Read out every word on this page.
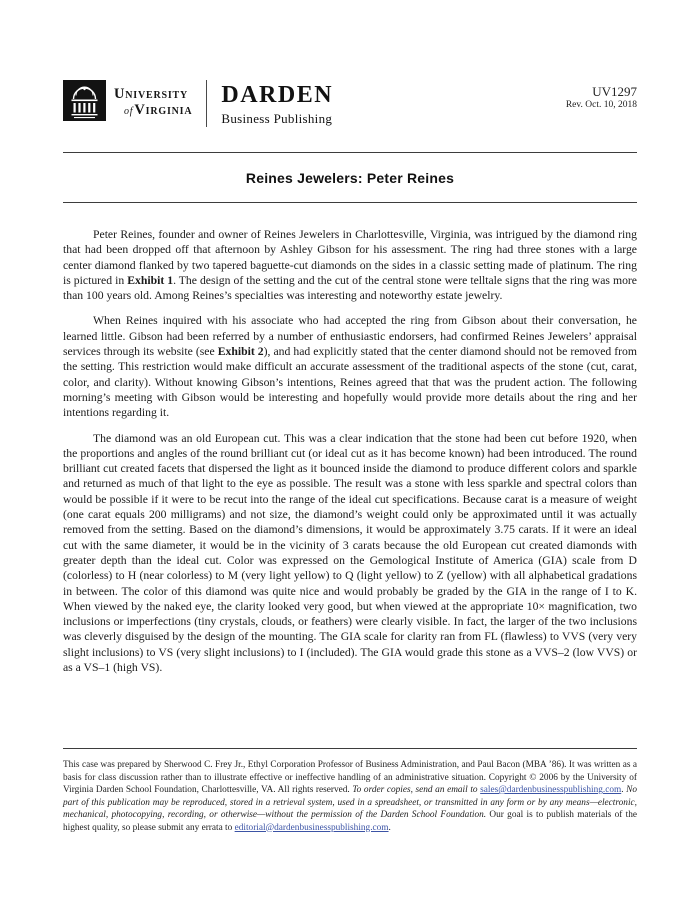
University
ofVirginia
DARDEN
Business Publishing
UV1297
Rev. Oct. 10, 2018
Reines Jewelers: Peter Reines

Peter Reines, founder and owner of Reines Jewelers in Charlottesville, Virginia, was intrigued by the diamond ring that had been dropped off that afternoon by Ashley Gibson for his assessment. The ring had three stones with a large center diamond flanked by two tapered baguette-cut diamonds on the sides in a classic setting made of platinum. The ring is pictured in Exhibit 1. The design of the setting and the cut of the central stone were telltale signs that the ring was more than 100 years old. Among Reines’s specialties was interesting and noteworthy estate jewelry.

When Reines inquired with his associate who had accepted the ring from Gibson about their conversation, he learned little. Gibson had been referred by a number of enthusiastic endorsers, had confirmed Reines Jewelers’ appraisal services through its website (see Exhibit 2), and had explicitly stated that the center diamond should not be removed from the setting. This restriction would make difficult an accurate assessment of the traditional aspects of the stone (cut, carat, color, and clarity). Without knowing Gibson’s intentions, Reines agreed that that was the prudent action. The following morning’s meeting with Gibson would be interesting and hopefully would provide more details about the ring and her intentions regarding it.

The diamond was an old European cut. This was a clear indication that the stone had been cut before 1920, when the proportions and angles of the round brilliant cut (or ideal cut as it has become known) had been introduced. The round brilliant cut created facets that dispersed the light as it bounced inside the diamond to produce different colors and sparkle and returned as much of that light to the eye as possible. The result was a stone with less sparkle and spectral colors than would be possible if it were to be recut into the range of the ideal cut specifications. Because carat is a measure of weight (one carat equals 200 milligrams) and not size, the diamond’s weight could only be approximated until it was actually removed from the setting. Based on the diamond’s dimensions, it would be approximately 3.75 carats. If it were an ideal cut with the same diameter, it would be in the vicinity of 3 carats because the old European cut created diamonds with greater depth than the ideal cut. Color was expressed on the Gemological Institute of America (GIA) scale from D (colorless) to H (near colorless) to M (very light yellow) to Q (light yellow) to Z (yellow) with all alphabetical gradations in between. The color of this diamond was quite nice and would probably be graded by the GIA in the range of I to K. When viewed by the naked eye, the clarity looked very good, but when viewed at the appropriate 10× magnification, two inclusions or imperfections (tiny crystals, clouds, or feathers) were clearly visible. In fact, the larger of the two inclusions was cleverly disguised by the design of the mounting. The GIA scale for clarity ran from FL (flawless) to VVS (very very slight inclusions) to VS (very slight inclusions) to I (included). The GIA would grade this stone as a VVS–2 (low VVS) or as a VS–1 (high VS).

This case was prepared by Sherwood C. Frey Jr., Ethyl Corporation Professor of Business Administration, and Paul Bacon (MBA ’86). It was written as a basis for class discussion rather than to illustrate effective or ineffective handling of an administrative situation. Copyright © 2006 by the University of Virginia Darden School Foundation, Charlottesville, VA. All rights reserved. To order copies, send an email to sales@dardenbusinesspublishing.com. No part of this publication may be reproduced, stored in a retrieval system, used in a spreadsheet, or transmitted in any form or by any means—electronic, mechanical, photocopying, recording, or otherwise—without the permission of the Darden School Foundation. Our goal is to publish materials of the highest quality, so please submit any errata to editorial@dardenbusinesspublishing.com.
